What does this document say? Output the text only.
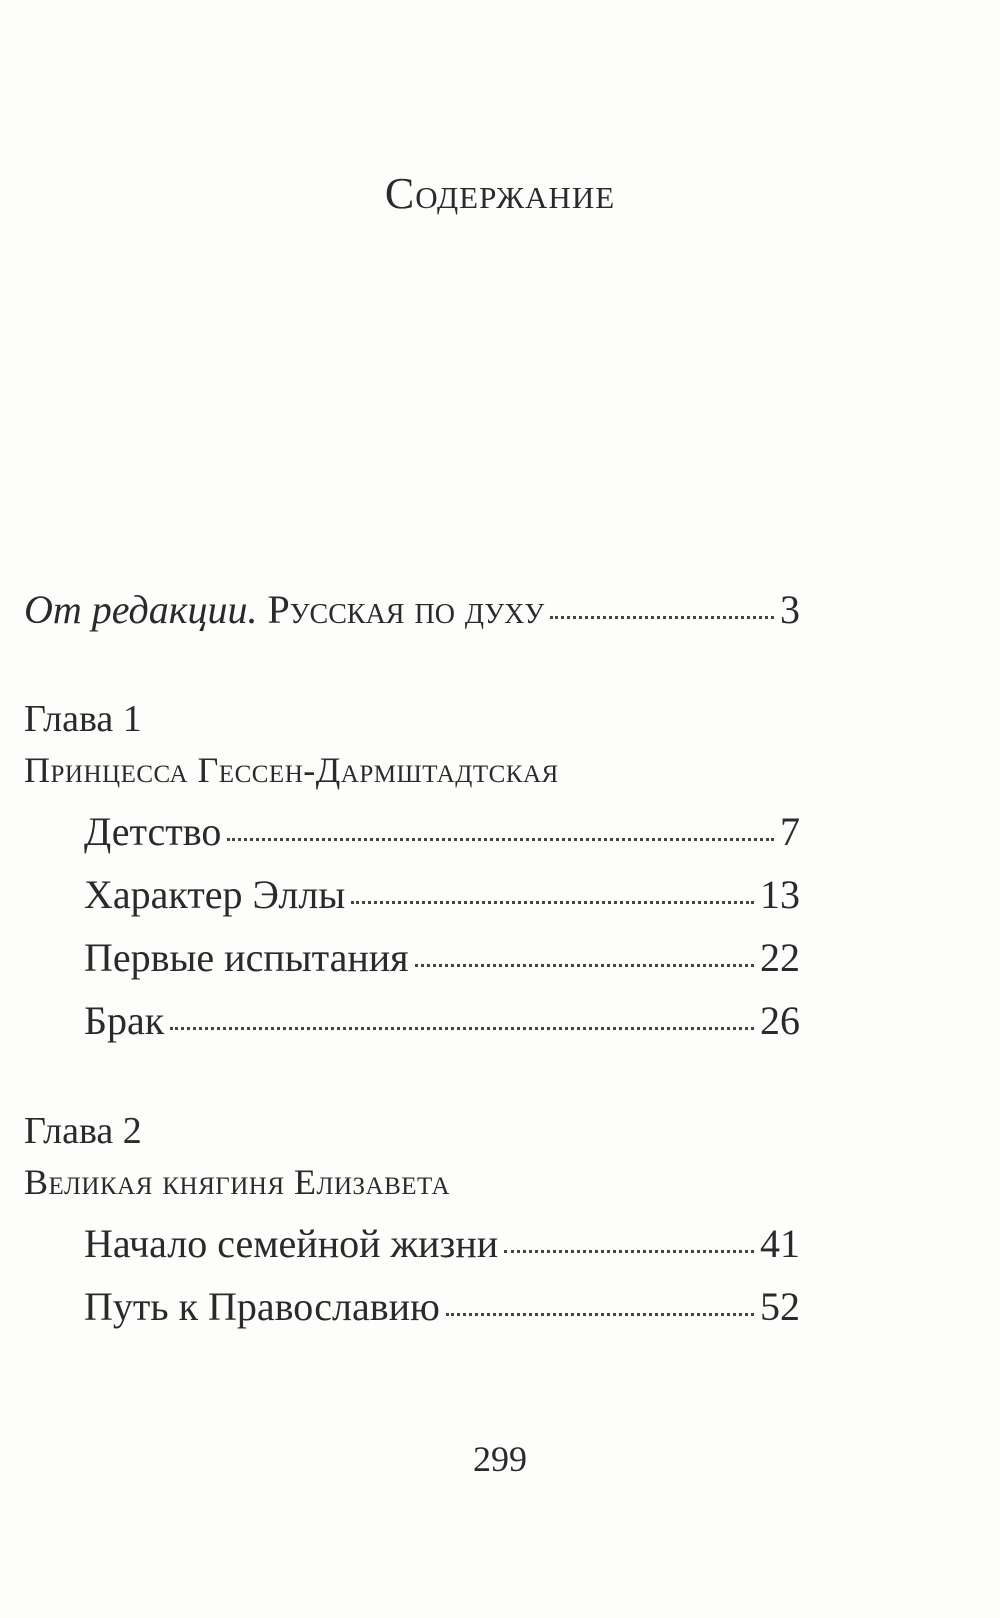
Содержание
От редакции. Русская по духу	3
Глава 1
Принцесса Гессен-Дармштадтская
Детство	7
Характер Эллы	13
Первые испытания	22
Брак	26
Глава 2
Великая княгиня Елизавета
Начало семейной жизни	41
Путь к Православию	52
299
